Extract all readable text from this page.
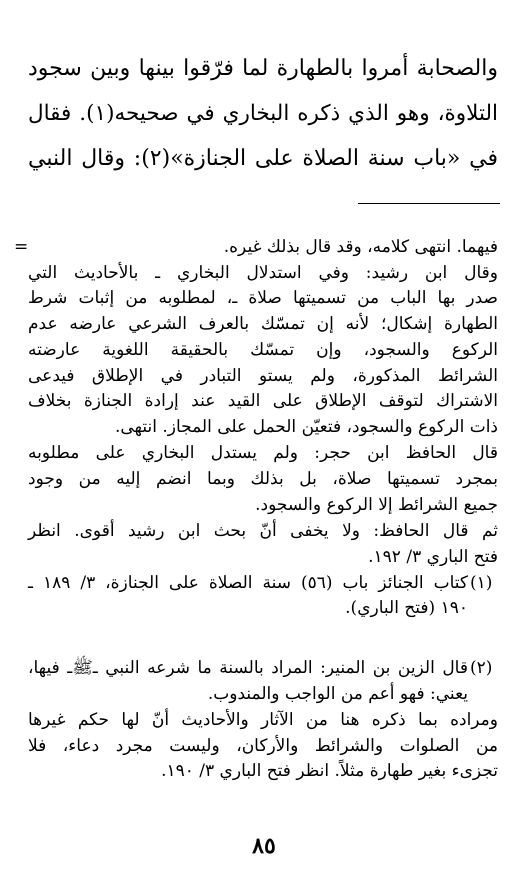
والصحابة أمروا بالطهارة لما فرّقوا بينها وبين سجود
التلاوة، وهو الذي ذكره البخاري في صحيحه(١). فقال
في «باب سنة الصلاة على الجنازة»(٢): وقال النبي
=	فيهما. انتهى كلامه، وقد قال بذلك غيره.
وقال ابن رشيد: وفي استدلال البخاري ـ بالأحاديث التي
صدر بها الباب من تسميتها صلاة ـ، لمطلوبه من إثبات شرط
الطهارة إشكال؛ لأنه إن تمسّك بالعرف الشرعي عارضه عدم
الركوع والسجود، وإن تمسّك بالحقيقة اللغوية عارضته
الشرائط المذكورة، ولم يستو التبادر في الإطلاق فيدعى
الاشتراك لتوقف الإطلاق على القيد عند إرادة الجنازة بخلاف
ذات الركوع والسجود، فتعيّن الحمل على المجاز. انتهى.
قال الحافظ ابن حجر: ولم يستدل البخاري على مطلوبه
بمجرد تسميتها صلاة، بل بذلك وبما انضم إليه من وجود
جميع الشرائط إلا الركوع والسجود.
ثم قال الحافظ: ولا يخفى أنّ بحث ابن رشيد أقوى. انظر
فتح الباري ٣/ ١٩٢.
(١)
كتاب الجنائز باب (٥٦) سنة الصلاة على الجنازة، ٣/ ١٨٩ ـ
١٩٠ (فتح الباري).
(٢)
قال الزين بن المنير: المراد بالسنة ما شرعه النبي ـﷺـ فيها،
يعني: فهو أعم من الواجب والمندوب.
ومراده بما ذكره هنا من الآثار والأحاديث أنّ لها حكم غيرها
من الصلوات والشرائط والأركان، وليست مجرد دعاء، فلا
تجزىء بغير طهارة مثلاً. انظر فتح الباري ٣/ ١٩٠.
٨٥
